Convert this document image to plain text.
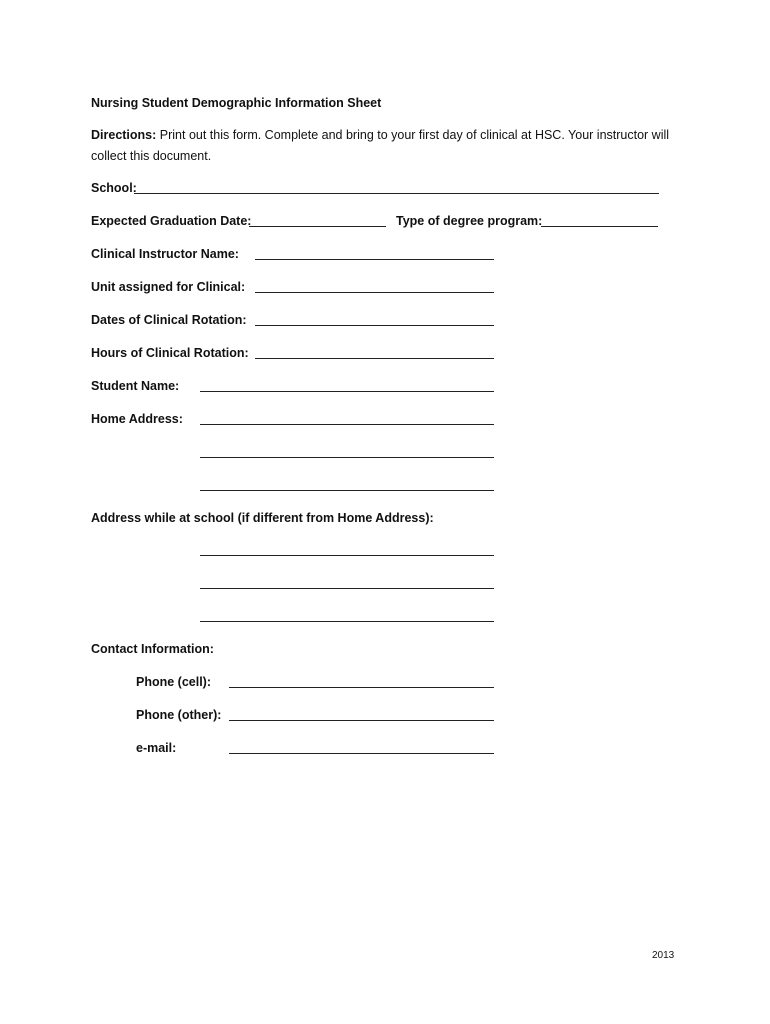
Nursing Student Demographic Information Sheet
Directions: Print out this form. Complete and bring to your first day of clinical at HSC. Your instructor will collect this document.
School:
Expected Graduation Date:	Type of degree program:
Clinical Instructor Name:
Unit assigned for Clinical:
Dates of Clinical Rotation:
Hours of Clinical Rotation:
Student Name:
Home Address:
Address while at school (if different from Home Address):
Contact Information:
Phone (cell):
Phone (other):
e-mail:
2013
